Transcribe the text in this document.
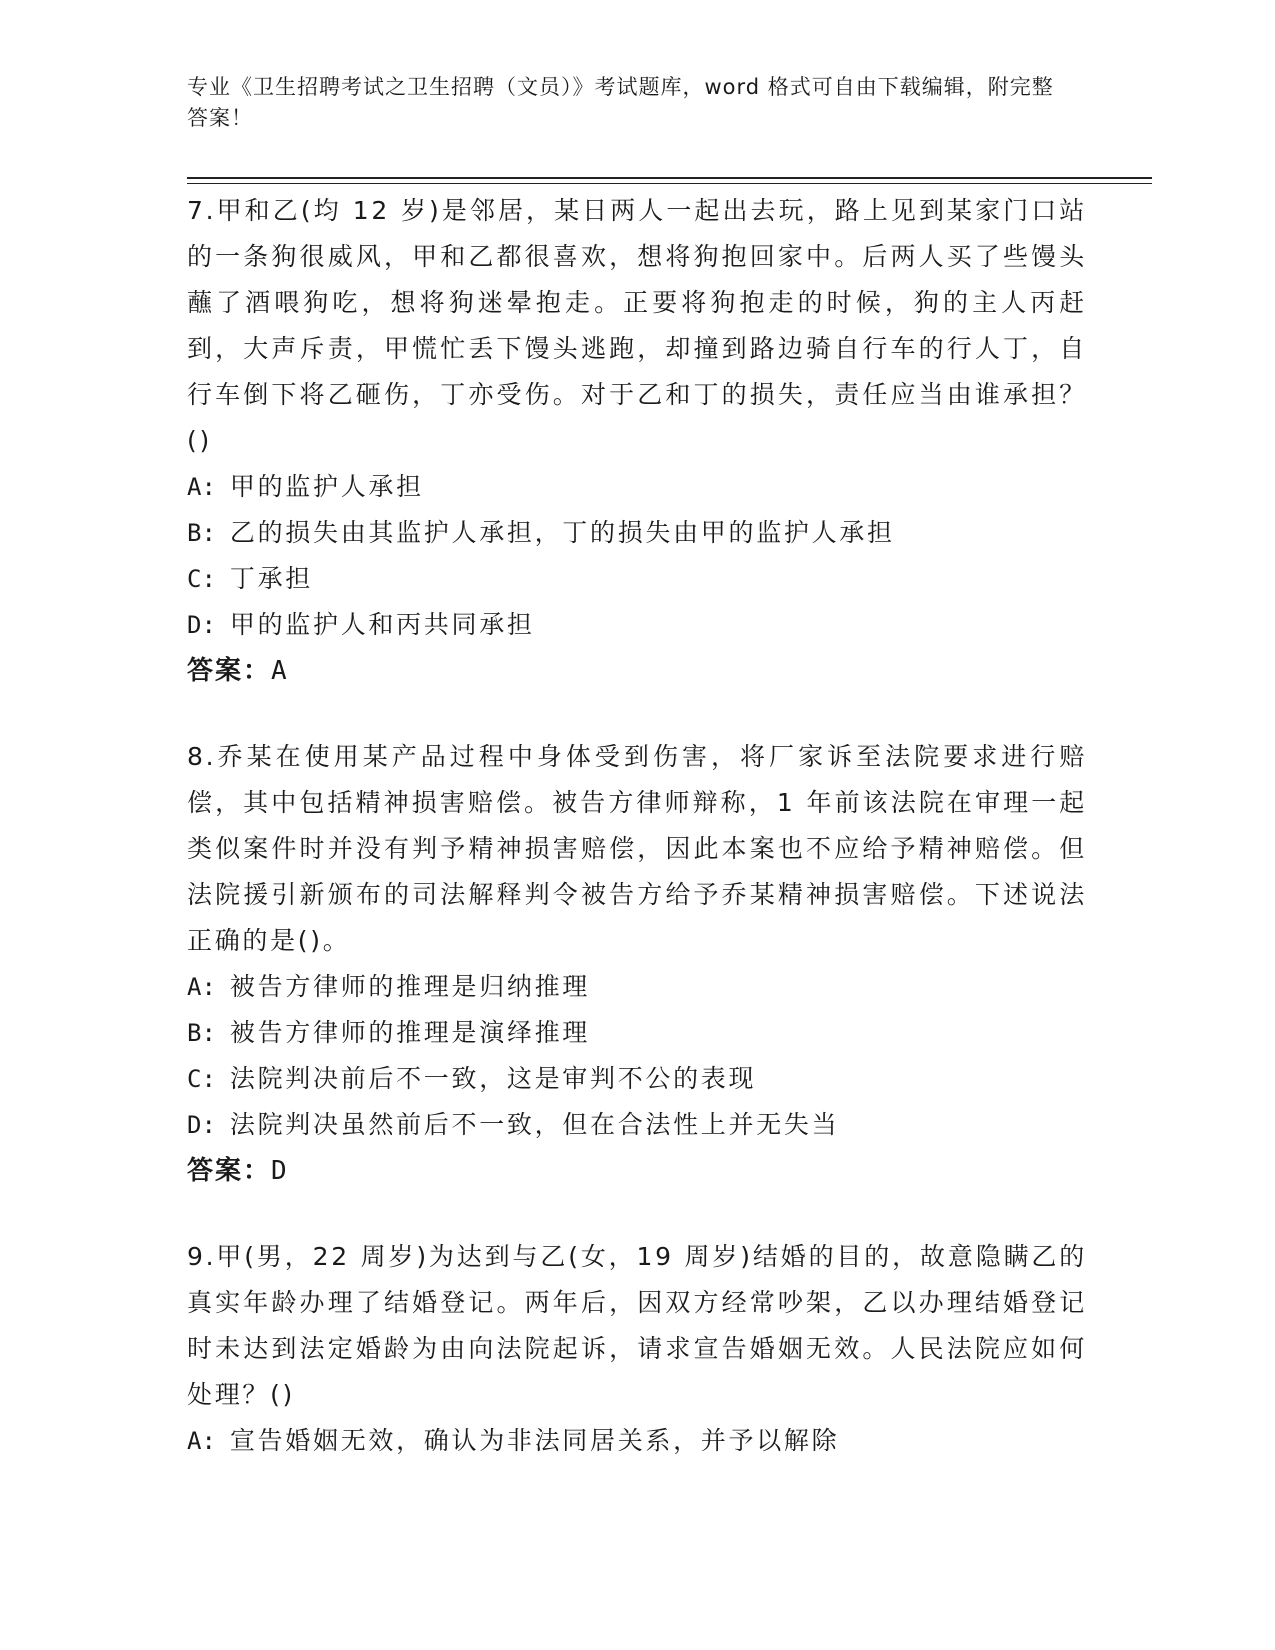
专业《卫生招聘考试之卫生招聘（文员）》考试题库，word 格式可自由下载编辑，附完整答案！

7.甲和乙(均 12 岁)是邻居，某日两人一起出去玩，路上见到某家门口站的一条狗很威风，甲和乙都很喜欢，想将狗抱回家中。后两人买了些馒头蘸了酒喂狗吃，想将狗迷晕抱走。正要将狗抱走的时候，狗的主人丙赶到，大声斥责，甲慌忙丢下馒头逃跑，却撞到路边骑自行车的行人丁，自行车倒下将乙砸伤，丁亦受伤。对于乙和丁的损失，责任应当由谁承担？()

A: 甲的监护人承担
B: 乙的损失由其监护人承担，丁的损失由甲的监护人承担
C: 丁承担
D: 甲的监护人和丙共同承担

答案：A

8.乔某在使用某产品过程中身体受到伤害，将厂家诉至法院要求进行赔偿，其中包括精神损害赔偿。被告方律师辩称，1 年前该法院在审理一起类似案件时并没有判予精神损害赔偿，因此本案也不应给予精神赔偿。但法院援引新颁布的司法解释判令被告方给予乔某精神损害赔偿。下述说法正确的是()。

A: 被告方律师的推理是归纳推理
B: 被告方律师的推理是演绎推理
C: 法院判决前后不一致，这是审判不公的表现
D: 法院判决虽然前后不一致，但在合法性上并无失当

答案：D

9.甲(男，22 周岁)为达到与乙(女，19 周岁)结婚的目的，故意隐瞒乙的真实年龄办理了结婚登记。两年后，因双方经常吵架，乙以办理结婚登记时未达到法定婚龄为由向法院起诉，请求宣告婚姻无效。人民法院应如何处理？()

A: 宣告婚姻无效，确认为非法同居关系，并予以解除
